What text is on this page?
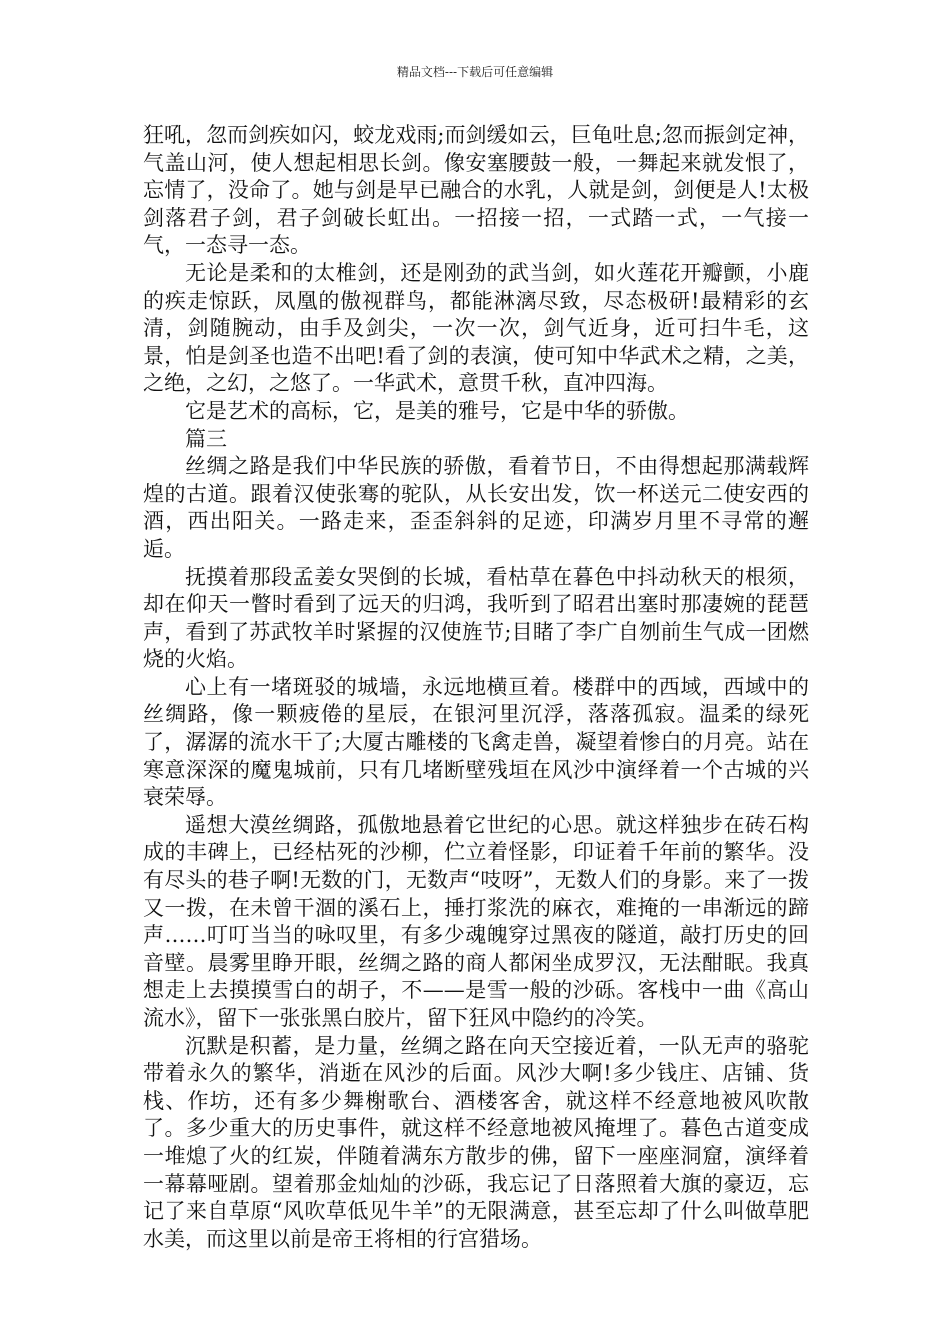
精品文档---下载后可任意编辑

狂吼，忽而剑疾如闪，蛟龙戏雨;而剑缓如云，巨龟吐息;忽而振剑定神，气盖山河，使人想起相思长剑。像安塞腰鼓一般，一舞起来就发恨了，忘情了，没命了。她与剑是早已融合的水乳，人就是剑，剑便是人!太极剑落君子剑，君子剑破长虹出。一招接一招，一式踏一式，一气接一气，一态寻一态。

无论是柔和的太椎剑，还是刚劲的武当剑，如火莲花开瓣颤，小鹿的疾走惊跃，凤凰的傲视群鸟，都能淋漓尽致，尽态极研!最精彩的玄清，剑随腕动，由手及剑尖，一次一次，剑气近身，近可扫牛毛，这景，怕是剑圣也造不出吧!看了剑的表演，使可知中华武术之精，之美，之绝，之幻，之悠了。一华武术，意贯千秋，直冲四海。

它是艺术的高标，它，是美的雅号，它是中华的骄傲。

篇三

丝绸之路是我们中华民族的骄傲，看着节日，不由得想起那满载辉煌的古道。跟着汉使张骞的驼队，从长安出发，饮一杯送元二使安西的酒，西出阳关。一路走来，歪歪斜斜的足迹，印满岁月里不寻常的邂逅。

抚摸着那段孟姜女哭倒的长城，看枯草在暮色中抖动秋天的根须，却在仰天一瞥时看到了远天的归鸿，我听到了昭君出塞时那凄婉的琵琶声，看到了苏武牧羊时紧握的汉使旌节;目睹了李广自刎前生气成一团燃烧的火焰。

心上有一堵斑驳的城墙，永远地横亘着。楼群中的西域，西域中的丝绸路，像一颗疲倦的星辰，在银河里沉浮，落落孤寂。温柔的绿死了，潺潺的流水干了;大厦古雕楼的飞禽走兽，凝望着惨白的月亮。站在寒意深深的魔鬼城前，只有几堵断壁残垣在风沙中演绎着一个古城的兴衰荣辱。

遥想大漠丝绸路，孤傲地悬着它世纪的心思。就这样独步在砖石构成的丰碑上，已经枯死的沙柳，伫立着怪影，印证着千年前的繁华。没有尽头的巷子啊!无数的门，无数声“吱呀”，无数人们的身影。来了一拨又一拨，在未曾干涸的溪石上，捶打浆洗的麻衣，难掩的一串渐远的蹄声……叮叮当当的咏叹里，有多少魂魄穿过黑夜的隧道，敲打历史的回音壁。晨雾里睁开眼，丝绸之路的商人都闲坐成罗汉，无法酣眠。我真想走上去摸摸雪白的胡子，不——是雪一般的沙砾。客栈中一曲《高山流水》，留下一张张黑白胶片，留下狂风中隐约的冷笑。

沉默是积蓄，是力量，丝绸之路在向天空接近着，一队无声的骆驼带着永久的繁华，消逝在风沙的后面。风沙大啊!多少钱庄、店铺、货栈、作坊，还有多少舞榭歌台、酒楼客舍，就这样不经意地被风吹散了。多少重大的历史事件，就这样不经意地被风掩埋了。暮色古道变成一堆熄了火的红炭，伴随着满东方散步的佛，留下一座座洞窟，演绎着一幕幕哑剧。望着那金灿灿的沙砾，我忘记了日落照着大旗的豪迈，忘记了来自草原“风吹草低见牛羊”的无限满意，甚至忘却了什么叫做草肥水美，而这里以前是帝王将相的行宫猎场。
